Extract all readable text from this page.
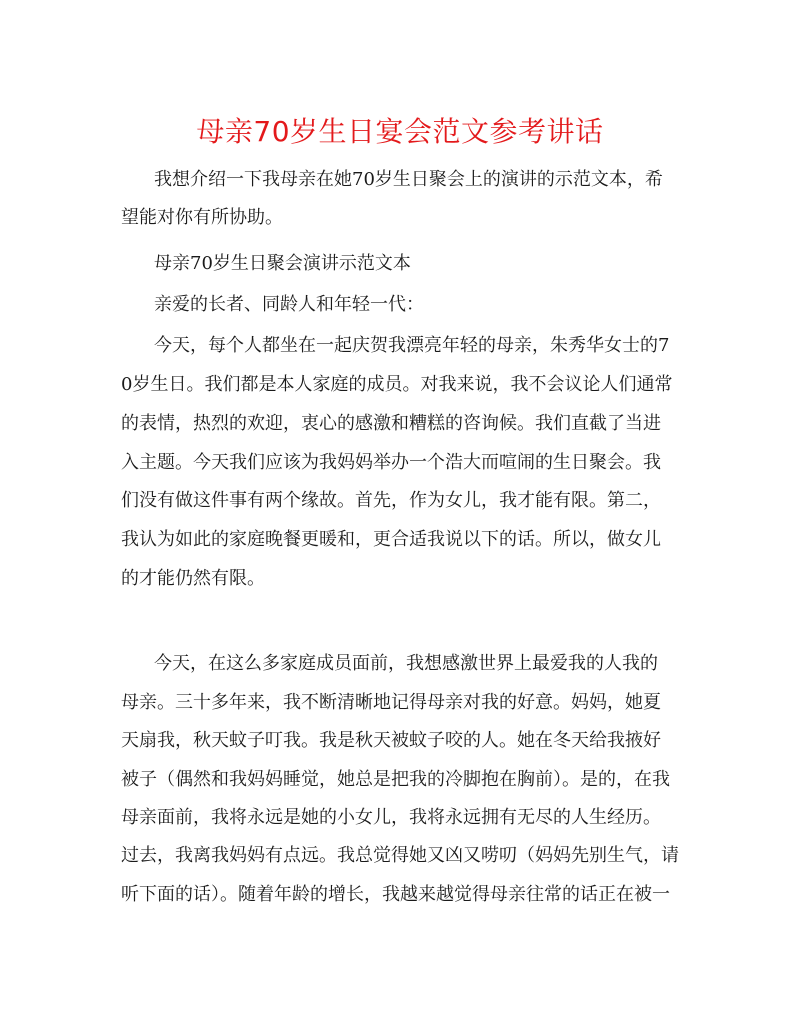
母亲70岁生日宴会范文参考讲话
我想介绍一下我母亲在她70岁生日聚会上的演讲的示范文本，希
望能对你有所协助。
母亲70岁生日聚会演讲示范文本
亲爱的长者、同龄人和年轻一代：
今天，每个人都坐在一起庆贺我漂亮年轻的母亲，朱秀华女士的7
0岁生日。我们都是本人家庭的成员。对我来说，我不会议论人们通常
的表情，热烈的欢迎，衷心的感激和糟糕的咨询候。我们直截了当进
入主题。今天我们应该为我妈妈举办一个浩大而喧闹的生日聚会。我
们没有做这件事有两个缘故。首先，作为女儿，我才能有限。第二，
我认为如此的家庭晚餐更暖和，更合适我说以下的话。所以，做女儿
的才能仍然有限。
今天，在这么多家庭成员面前，我想感激世界上最爱我的人我的
母亲。三十多年来，我不断清晰地记得母亲对我的好意。妈妈，她夏
天扇我，秋天蚊子叮我。我是秋天被蚊子咬的人。她在冬天给我掖好
被子（偶然和我妈妈睡觉，她总是把我的冷脚抱在胸前）。是的，在我
母亲面前，我将永远是她的小女儿，我将永远拥有无尽的人生经历。
过去，我离我妈妈有点远。我总觉得她又凶又唠叨（妈妈先别生气，请
听下面的话）。随着年龄的增长，我越来越觉得母亲往常的话正在被一
